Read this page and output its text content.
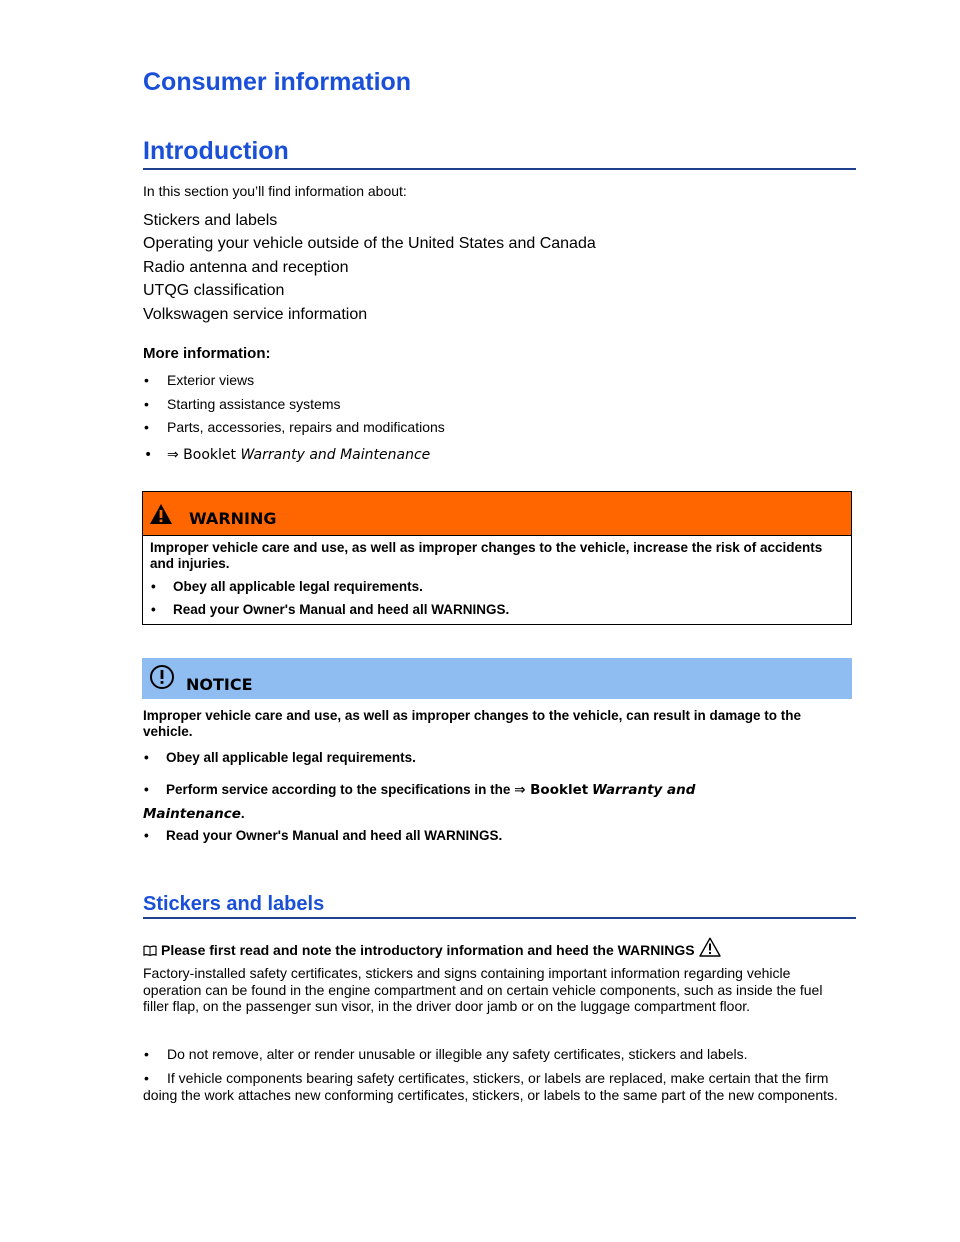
Consumer information
Introduction
In this section you’ll find information about:
Stickers and labels
Operating your vehicle outside of the United States and Canada
Radio antenna and reception
UTQG classification
Volkswagen service information
More information:
• Exterior views
• Starting assistance systems
• Parts, accessories, repairs and modifications
• ⇒ Booklet Warranty and Maintenance
WARNING
Improper vehicle care and use, as well as improper changes to the vehicle, increase the risk of accidents and injuries.
• Obey all applicable legal requirements.
• Read your Owner's Manual and heed all WARNINGS.
NOTICE
Improper vehicle care and use, as well as improper changes to the vehicle, can result in damage to the vehicle.
• Obey all applicable legal requirements.
• Perform service according to the specifications in the ⇒ Booklet Warranty and
Maintenance.
• Read your Owner's Manual and heed all WARNINGS.
Stickers and labels
Please first read and note the introductory information and heed the WARNINGS
Factory-installed safety certificates, stickers and signs containing important information regarding vehicle operation can be found in the engine compartment and on certain vehicle components, such as inside the fuel filler flap, on the passenger sun visor, in the driver door jamb or on the luggage compartment floor.
• Do not remove, alter or render unusable or illegible any safety certificates, stickers and labels.
• If vehicle components bearing safety certificates, stickers, or labels are replaced, make certain that the firm doing the work attaches new conforming certificates, stickers, or labels to the same part of the new components.
